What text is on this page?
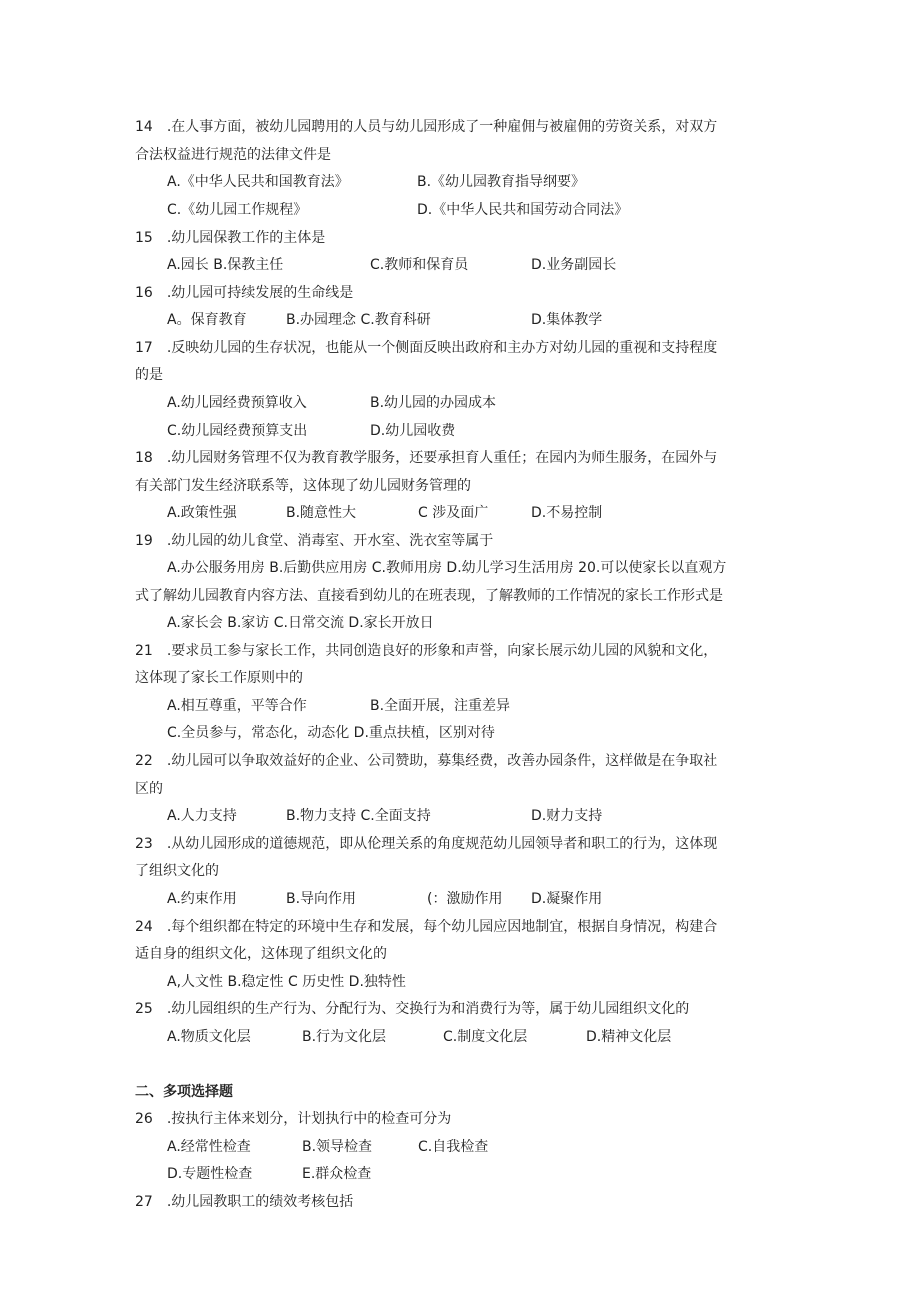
14　.在人事方面，被幼儿园聘用的人员与幼儿园形成了一种雇佣与被雇佣的劳资关系，对双方
合法权益进行规范的法律文件是
A.《中华人民共和国教育法》	B.《幼儿园教育指导纲要》
C.《幼儿园工作规程》	D.《中华人民共和国劳动合同法》
15　.幼儿园保教工作的主体是
A.园长 B.保教主任	C.教师和保育员	D.业务副园长
16　.幼儿园可持续发展的生命线是
A。保育教育	B.办园理念 C.教育科研	D.集体教学
17　.反映幼儿园的生存状况，也能从一个侧面反映出政府和主办方对幼儿园的重视和支持程度
的是
A.幼儿园经费预算收入	B.幼儿园的办园成本
C.幼儿园经费预算支出	D.幼儿园收费
18　.幼儿园财务管理不仅为教育教学服务，还要承担育人重任；在园内为师生服务，在园外与
有关部门发生经济联系等，这体现了幼儿园财务管理的
A.政策性强	B.随意性大	C 涉及面广	D.不易控制
19　.幼儿园的幼儿食堂、消毒室、开水室、洗衣室等属于
A.办公服务用房 B.后勤供应用房 C.教师用房 D.幼儿学习生活用房 20.可以使家长以直观方
式了解幼儿园教育内容方法、直接看到幼儿的在班表现，了解教师的工作情况的家长工作形式是
A.家长会 B.家访 C.日常交流 D.家长开放日
21　.要求员工参与家长工作，共同创造良好的形象和声誉，向家长展示幼儿园的风貌和文化，
这体现了家长工作原则中的
A.相互尊重，平等合作	B.全面开展，注重差异
C.全员参与，常态化，动态化 D.重点扶植，区别对待
22　.幼儿园可以争取效益好的企业、公司赞助，募集经费，改善办园条件，这样做是在争取社
区的
A.人力支持	B.物力支持 C.全面支持	D.财力支持
23　.从幼儿园形成的道德规范，即从伦理关系的角度规范幼儿园领导者和职工的行为，这体现
了组织文化的
A.约束作用	B.导向作用	(：激励作用 D.凝聚作用
24　.每个组织都在特定的环境中生存和发展，每个幼儿园应因地制宜，根据自身情况，构建合
适自身的组织文化，这体现了组织文化的
A,人文性 B.稳定性 C 历史性 D.独特性
25　.幼儿园组织的生产行为、分配行为、交换行为和消费行为等，属于幼儿园组织文化的
A.物质文化层	B.行为文化层	C.制度文化层	D.精神文化层
二、多项选择题
26　.按执行主体来划分，计划执行中的检查可分为
A.经常性检查	B.领导检查	C.自我检查
D.专题性检查	E.群众检查
27　.幼儿园教职工的绩效考核包括
